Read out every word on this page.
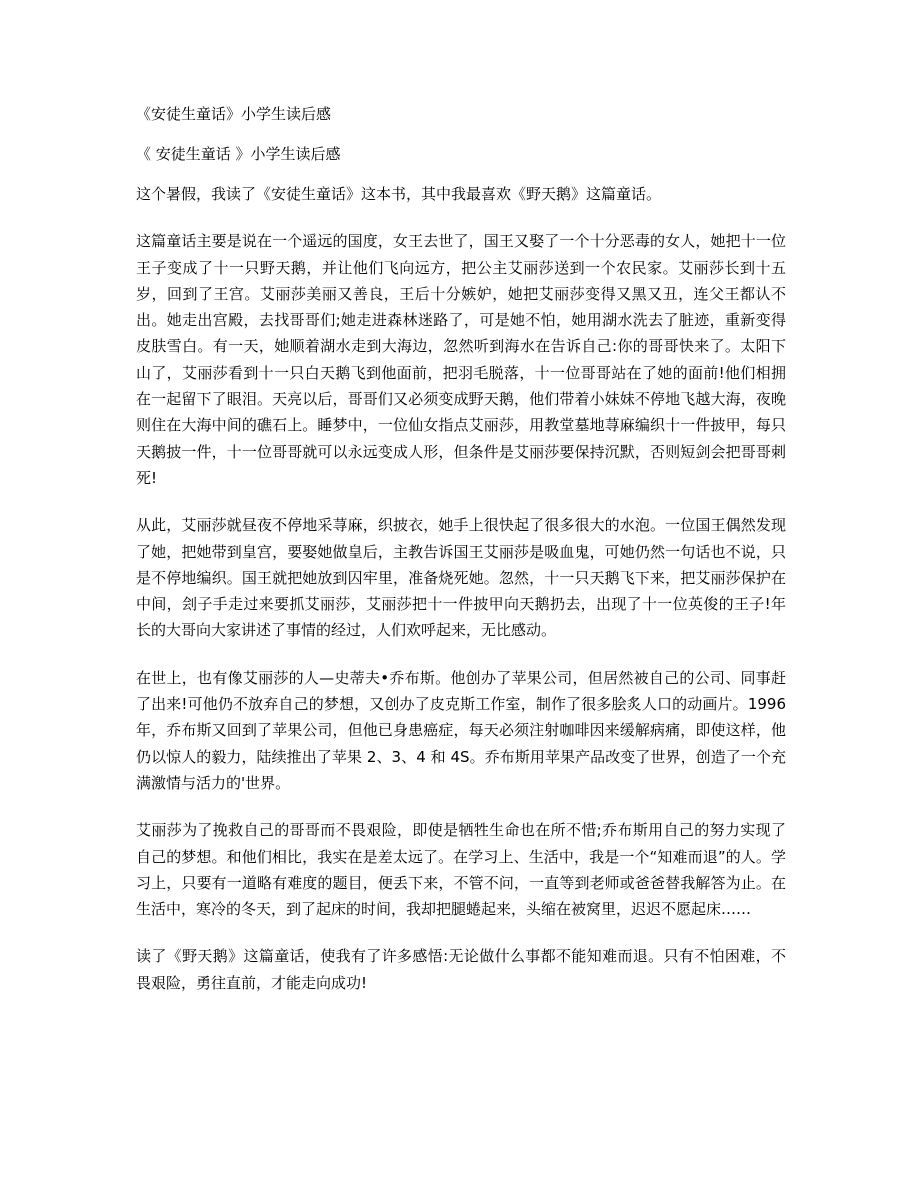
《安徒生童话》小学生读后感
《 安徒生童话 》小学生读后感

这个暑假，我读了《安徒生童话》这本书，其中我最喜欢《野天鹅》这篇童话。

这篇童话主要是说在一个遥远的国度，女王去世了，国王又娶了一个十分恶毒的女人，她把十一位王子变成了十一只野天鹅，并让他们飞向远方，把公主艾丽莎送到一个农民家。艾丽莎长到十五岁，回到了王宫。艾丽莎美丽又善良，王后十分嫉妒，她把艾丽莎变得又黑又丑，连父王都认不出。她走出宫殿，去找哥哥们;她走进森林迷路了，可是她不怕，她用湖水洗去了脏迹，重新变得皮肤雪白。有一天，她顺着湖水走到大海边，忽然听到海水在告诉自己:你的哥哥快来了。太阳下山了，艾丽莎看到十一只白天鹅飞到他面前，把羽毛脱落，十一位哥哥站在了她的面前!他们相拥在一起留下了眼泪。天亮以后，哥哥们又必须变成野天鹅，他们带着小妹妹不停地飞越大海，夜晚则住在大海中间的礁石上。睡梦中，一位仙女指点艾丽莎，用教堂墓地荨麻编织十一件披甲，每只天鹅披一件，十一位哥哥就可以永远变成人形，但条件是艾丽莎要保持沉默，否则短剑会把哥哥刺死!

从此，艾丽莎就昼夜不停地采荨麻，织披衣，她手上很快起了很多很大的水泡。一位国王偶然发现了她，把她带到皇宫，要娶她做皇后，主教告诉国王艾丽莎是吸血鬼，可她仍然一句话也不说，只是不停地编织。国王就把她放到囚牢里，准备烧死她。忽然，十一只天鹅飞下来，把艾丽莎保护在中间，刽子手走过来要抓艾丽莎，艾丽莎把十一件披甲向天鹅扔去，出现了十一位英俊的王子!年长的大哥向大家讲述了事情的经过，人们欢呼起来，无比感动。

在世上，也有像艾丽莎的人—史蒂夫•乔布斯。他创办了苹果公司，但居然被自己的公司、同事赶了出来!可他仍不放弃自己的梦想，又创办了皮克斯工作室，制作了很多脍炙人口的动画片。1996 年，乔布斯又回到了苹果公司，但他已身患癌症，每天必须注射咖啡因来缓解病痛，即使这样，他仍以惊人的毅力，陆续推出了苹果 2、3、4 和 4S。乔布斯用苹果产品改变了世界，创造了一个充满激情与活力的'世界。

艾丽莎为了挽救自己的哥哥而不畏艰险，即使是牺牲生命也在所不惜;乔布斯用自己的努力实现了自己的梦想。和他们相比，我实在是差太远了。在学习上、生活中，我是一个“知难而退”的人。学习上，只要有一道略有难度的题目，便丢下来，不管不问，一直等到老师或爸爸替我解答为止。在生活中，寒冷的冬天，到了起床的时间，我却把腿蜷起来，头缩在被窝里，迟迟不愿起床……

读了《野天鹅》这篇童话，使我有了许多感悟:无论做什么事都不能知难而退。只有不怕困难，不畏艰险，勇往直前，才能走向成功!
